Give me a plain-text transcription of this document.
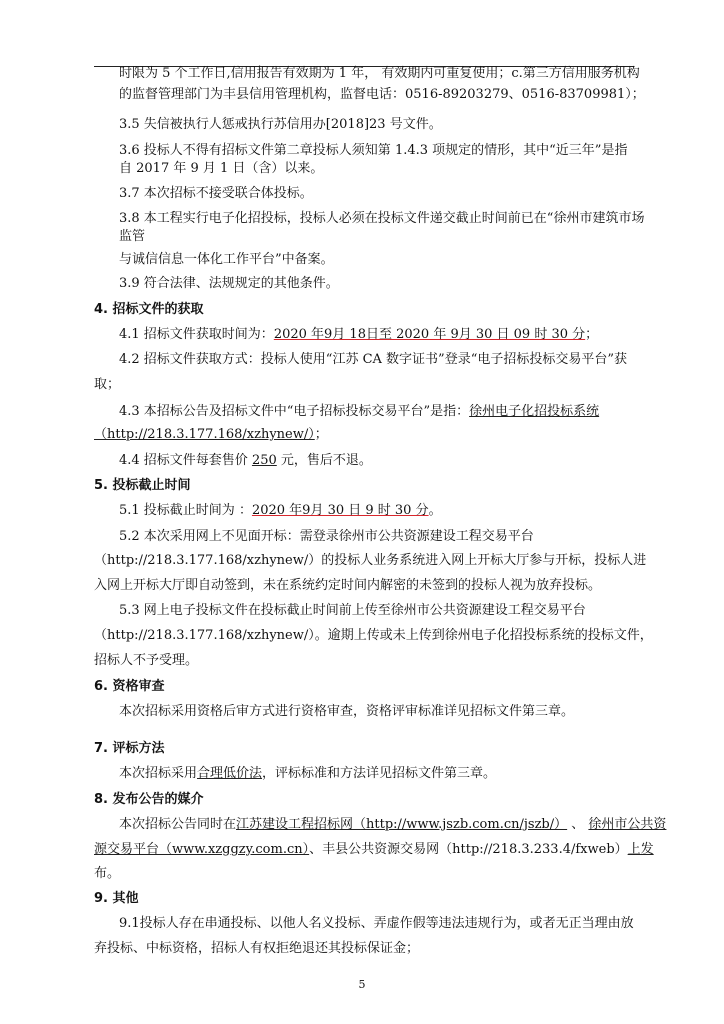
时限为 5 个工作日,信用报告有效期为 1 年， 有效期内可重复使用；c.第三方信用服务机构
的监督管理部门为丰县信用管理机构，监督电话：0516-89203279、0516-83709981）；
3.5 失信被执行人惩戒执行苏信用办[2018]23 号文件。
3.6 投标人不得有招标文件第二章投标人须知第 1.4.3 项规定的情形，其中“近三年”是指
自 2017 年 9 月 1 日（含）以来。
3.7 本次招标不接受联合体投标。
3.8 本工程实行电子化招投标，投标人必须在投标文件递交截止时间前已在“徐州市建筑市场
监管
与诚信信息一体化工作平台”中备案。
3.9 符合法律、法规规定的其他条件。
4. 招标文件的获取
4.1 招标文件获取时间为：2020 年9月 18日至 2020 年 9月 30 日 09 时 30 分；
4.2 招标文件获取方式：投标人使用“江苏 CA 数字证书”登录“电子招标投标交易平台”获
取；
4.3 本招标公告及招标文件中“电子招标投标交易平台”是指：徐州电子化招投标系统
（http://218.3.177.168/xzhynew/）；
4.4 招标文件每套售价 250 元，售后不退。
5. 投标截止时间
5.1 投标截止时间为 ：2020 年9月 30 日 9 时 30 分。
5.2 本次采用网上不见面开标：需登录徐州市公共资源建设工程交易平台
（http://218.3.177.168/xzhynew/）的投标人业务系统进入网上开标大厅参与开标，投标人进
入网上开标大厅即自动签到，未在系统约定时间内解密的未签到的投标人视为放弃投标。
5.3 网上电子投标文件在投标截止时间前上传至徐州市公共资源建设工程交易平台
（http://218.3.177.168/xzhynew/）。逾期上传或未上传到徐州电子化招投标系统的投标文件，
招标人不予受理。
6. 资格审查
本次招标采用资格后审方式进行资格审查，资格评审标准详见招标文件第三章。
7. 评标方法
本次招标采用合理低价法，评标标准和方法详见招标文件第三章。
8. 发布公告的媒介
本次招标公告同时在江苏建设工程招标网（http://www.jszb.com.cn/jszb/） 、 徐州市公共资
源交易平台（www.xzggzy.com.cn）、丰县公共资源交易网（http://218.3.233.4/fxweb）上发
布。
9. 其他
9.1投标人存在串通投标、以他人名义投标、弄虚作假等违法违规行为，或者无正当理由放
弃投标、中标资格，招标人有权拒绝退还其投标保证金；
5
